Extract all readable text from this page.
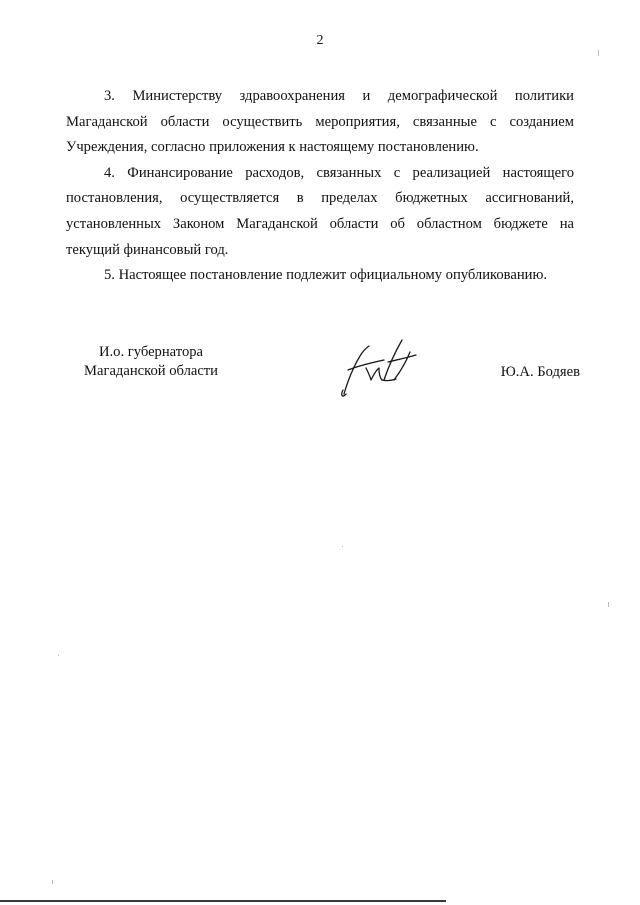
2

3. Министерству здравоохранения и демографической политики Магаданской области осуществить мероприятия, связанные с созданием Учреждения, согласно приложения к настоящему постановлению.

4. Финансирование расходов, связанных с реализацией настоящего постановления, осуществляется в пределах бюджетных ассигнований, установленных Законом Магаданской области об областном бюджете на текущий финансовый год.

5. Настоящее постановление подлежит официальному опубликованию.

И.о. губернатора
Магаданской области	Ю.А. Бодяев
